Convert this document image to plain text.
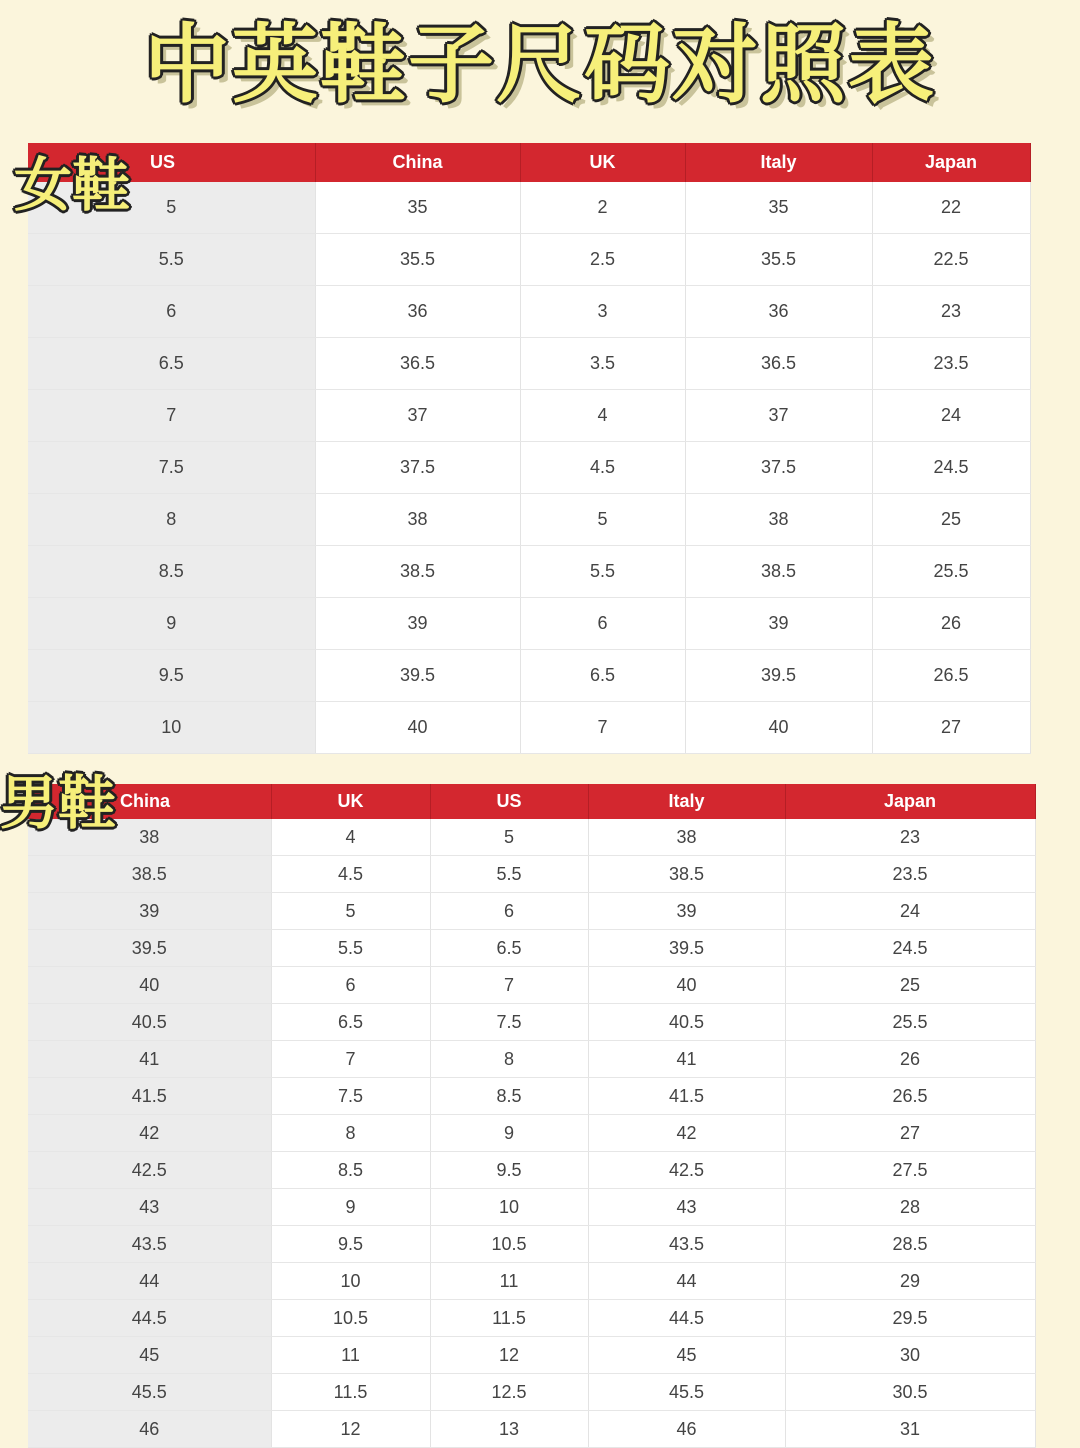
中英鞋子尺码对照表
女鞋 US	China	UK	Italy	Japan
5	35	2	35	22
5.5	35.5	2.5	35.5	22.5
6	36	3	36	23
6.5	36.5	3.5	36.5	23.5
7	37	4	37	24
7.5	37.5	4.5	37.5	24.5
8	38	5	38	25
8.5	38.5	5.5	38.5	25.5
9	39	6	39	26
9.5	39.5	6.5	39.5	26.5
10	40	7	40	27
男鞋 China	UK	US	Italy	Japan
38	4	5	38	23
38.5	4.5	5.5	38.5	23.5
39	5	6	39	24
39.5	5.5	6.5	39.5	24.5
40	6	7	40	25
40.5	6.5	7.5	40.5	25.5
41	7	8	41	26
41.5	7.5	8.5	41.5	26.5
42	8	9	42	27
42.5	8.5	9.5	42.5	27.5
43	9	10	43	28
43.5	9.5	10.5	43.5	28.5
44	10	11	44	29
44.5	10.5	11.5	44.5	29.5
45	11	12	45	30
45.5	11.5	12.5	45.5	30.5
46	12	13	46	31
